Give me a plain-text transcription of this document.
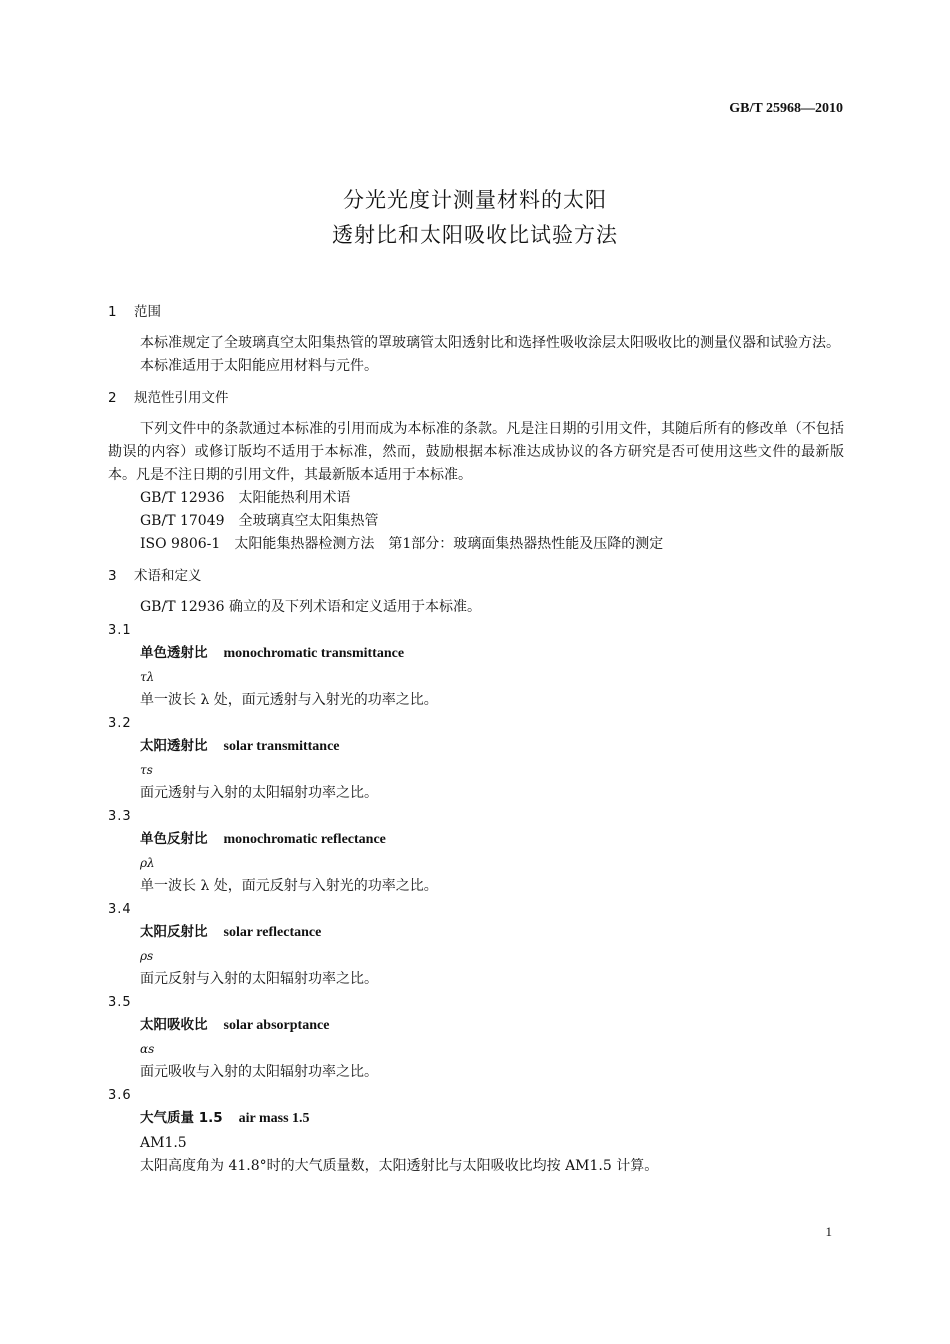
GB/T 25968—2010
分光光度计测量材料的太阳
透射比和太阳吸收比试验方法
1 范围
本标准规定了全玻璃真空太阳集热管的罩玻璃管太阳透射比和选择性吸收涂层太阳吸收比的测量仪器和试验方法。
本标准适用于太阳能应用材料与元件。
2 规范性引用文件
下列文件中的条款通过本标准的引用而成为本标准的条款。凡是注日期的引用文件，其随后所有的修改单（不包括勘误的内容）或修订版均不适用于本标准，然而，鼓励根据本标准达成协议的各方研究是否可使用这些文件的最新版本。凡是不注日期的引用文件，其最新版本适用于本标准。
GB/T 12936　太阳能热利用术语
GB/T 17049　全玻璃真空太阳集热管
ISO 9806-1　太阳能集热器检测方法　第1部分：玻璃面集热器热性能及压降的测定
3 术语和定义
GB/T 12936 确立的及下列术语和定义适用于本标准。
3.1
单色透射比 monochromatic transmittance
τλ
单一波长 λ 处，面元透射与入射光的功率之比。
3.2
太阳透射比 solar transmittance
τs
面元透射与入射的太阳辐射功率之比。
3.3
单色反射比 monochromatic reflectance
ρλ
单一波长 λ 处，面元反射与入射光的功率之比。
3.4
太阳反射比 solar reflectance
ρs
面元反射与入射的太阳辐射功率之比。
3.5
太阳吸收比 solar absorptance
αs
面元吸收与入射的太阳辐射功率之比。
3.6
大气质量 1.5 air mass 1.5
AM1.5
太阳高度角为 41.8°时的大气质量数，太阳透射比与太阳吸收比均按 AM1.5 计算。
1
